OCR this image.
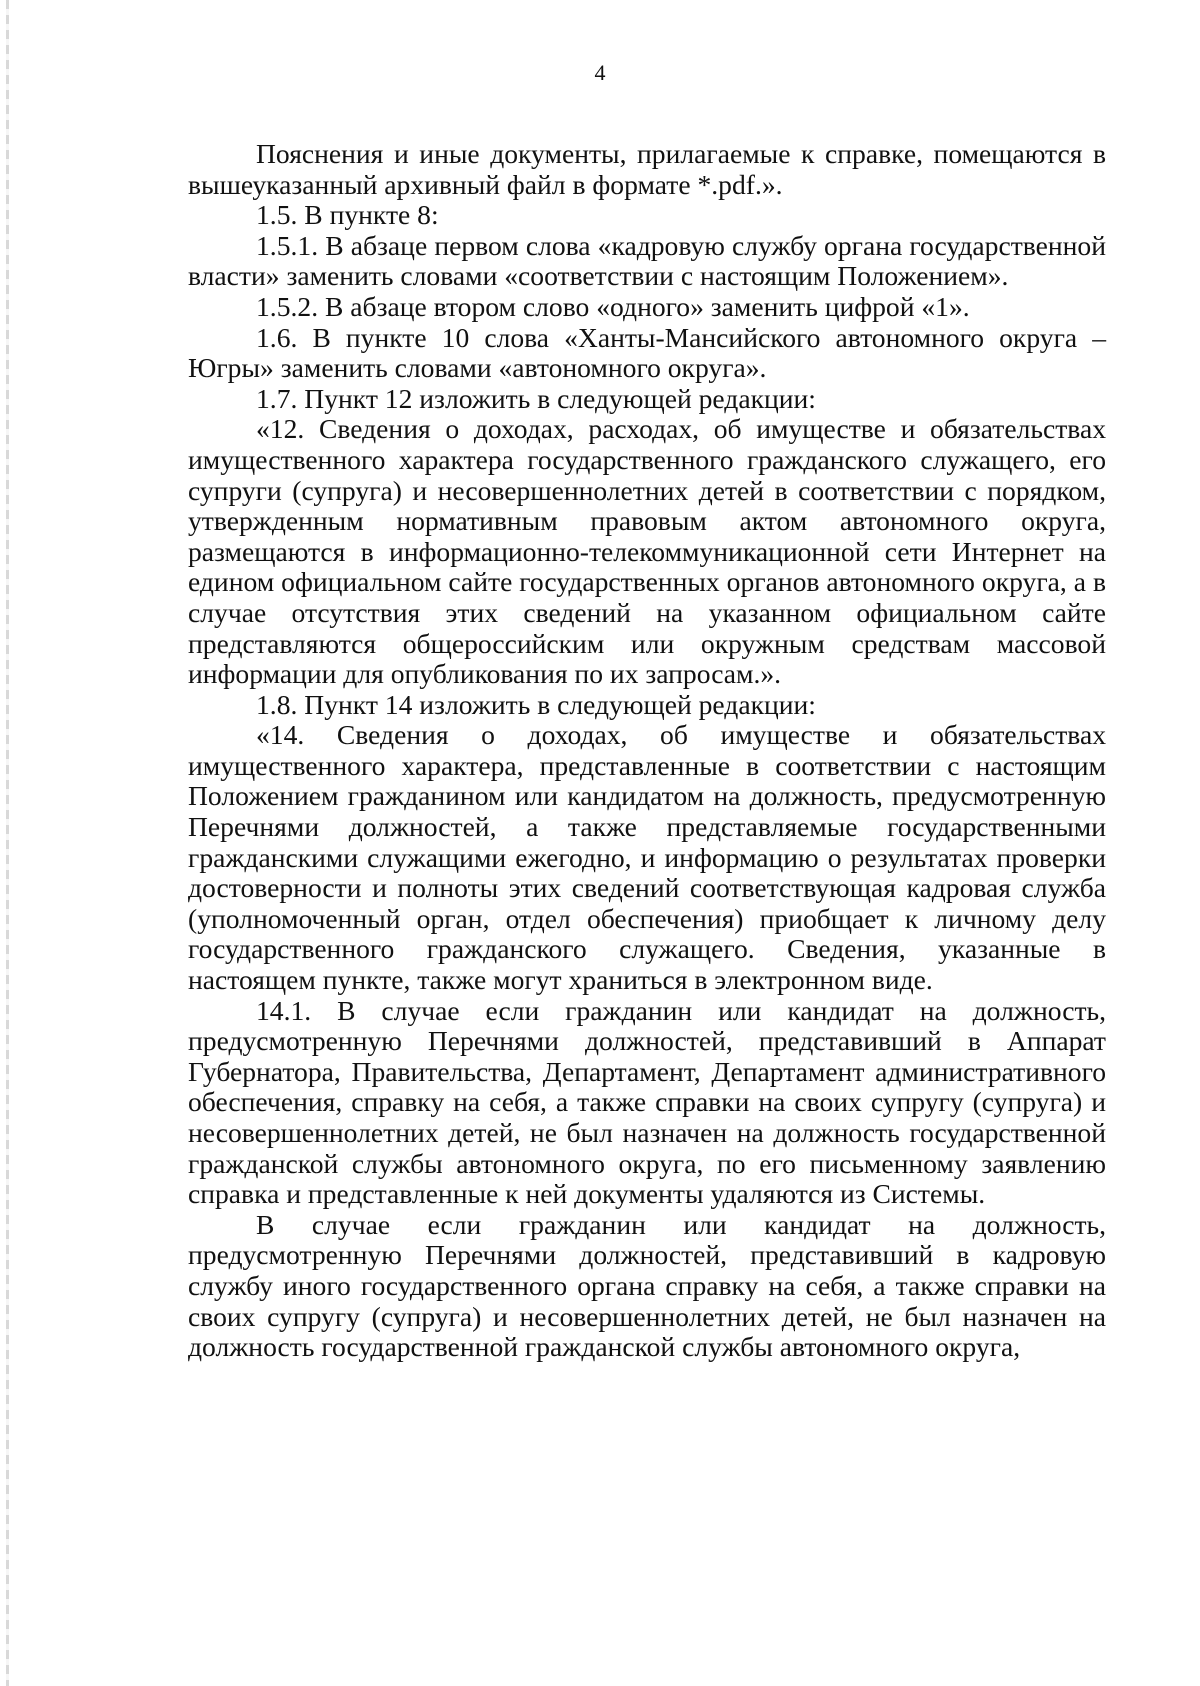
4

Пояснения и иные документы, прилагаемые к справке, помещаются в вышеуказанный архивный файл в формате *.pdf.».

1.5. В пункте 8:

1.5.1. В абзаце первом слова «кадровую службу органа государственной власти» заменить словами «соответствии с настоящим Положением».

1.5.2. В абзаце втором слово «одного» заменить цифрой «1».

1.6. В пункте 10 слова «Ханты-Мансийского автономного округа – Югры» заменить словами «автономного округа».

1.7. Пункт 12 изложить в следующей редакции:

«12. Сведения о доходах, расходах, об имуществе и обязательствах имущественного характера государственного гражданского служащего, его супруги (супруга) и несовершеннолетних детей в соответствии с порядком, утвержденным нормативным правовым актом автономного округа, размещаются в информационно-телекоммуникационной сети Интернет на едином официальном сайте государственных органов автономного округа, а в случае отсутствия этих сведений на указанном официальном сайте представляются общероссийским или окружным средствам массовой информации для опубликования по их запросам.».

1.8. Пункт 14 изложить в следующей редакции:

«14. Сведения о доходах, об имуществе и обязательствах имущественного характера, представленные в соответствии с настоящим Положением гражданином или кандидатом на должность, предусмотренную Перечнями должностей, а также представляемые государственными гражданскими служащими ежегодно, и информацию о результатах проверки достоверности и полноты этих сведений соответствующая кадровая служба (уполномоченный орган, отдел обеспечения) приобщает к личному делу государственного гражданского служащего. Сведения, указанные в настоящем пункте, также могут храниться в электронном виде.

14.1. В случае если гражданин или кандидат на должность, предусмотренную Перечнями должностей, представивший в Аппарат Губернатора, Правительства, Департамент, Департамент административного обеспечения, справку на себя, а также справки на своих супругу (супруга) и несовершеннолетних детей, не был назначен на должность государственной гражданской службы автономного округа, по его письменному заявлению справка и представленные к ней документы удаляются из Системы.

В случае если гражданин или кандидат на должность, предусмотренную Перечнями должностей, представивший в кадровую службу иного государственного органа справку на себя, а также справки на своих супругу (супруга) и несовершеннолетних детей, не был назначен на должность государственной гражданской службы автономного округа,
